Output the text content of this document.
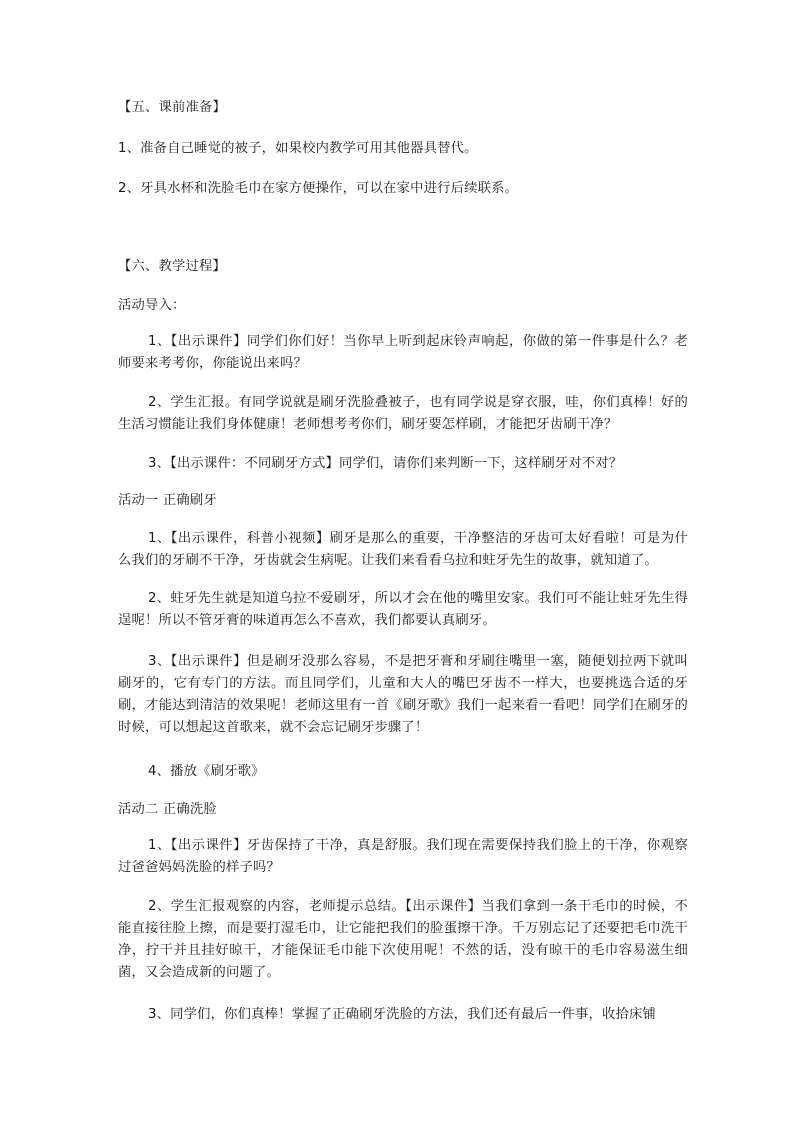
【五、课前准备】
1、准备自己睡觉的被子，如果校内教学可用其他器具替代。
2、牙具水杯和洗脸毛巾在家方便操作，可以在家中进行后续联系。
【六、教学过程】
活动导入：
1、【出示课件】同学们你们好！当你早上听到起床铃声响起，你做的第一件事是什么？老师要来考考你，你能说出来吗？
2、学生汇报。有同学说就是刷牙洗脸叠被子，也有同学说是穿衣服，哇，你们真棒！好的生活习惯能让我们身体健康！老师想考考你们，刷牙要怎样刷，才能把牙齿刷干净？
3、【出示课件：不同刷牙方式】同学们，请你们来判断一下，这样刷牙对不对？
活动一 正确刷牙
1、【出示课件，科普小视频】刷牙是那么的重要，干净整洁的牙齿可太好看啦！可是为什么我们的牙刷不干净，牙齿就会生病呢。让我们来看看乌拉和蛀牙先生的故事，就知道了。
2、蛀牙先生就是知道乌拉不爱刷牙，所以才会在他的嘴里安家。我们可不能让蛀牙先生得逞呢！所以不管牙膏的味道再怎么不喜欢，我们都要认真刷牙。
3、【出示课件】但是刷牙没那么容易，不是把牙膏和牙刷往嘴里一塞，随便划拉两下就叫刷牙的，它有专门的方法。而且同学们，儿童和大人的嘴巴牙齿不一样大，也要挑选合适的牙刷，才能达到清洁的效果呢！老师这里有一首《刷牙歌》我们一起来看一看吧！同学们在刷牙的时候，可以想起这首歌来，就不会忘记刷牙步骤了！
4、播放《刷牙歌》
活动二 正确洗脸
1、【出示课件】牙齿保持了干净，真是舒服。我们现在需要保持我们脸上的干净，你观察过爸爸妈妈洗脸的样子吗？
2、学生汇报观察的内容，老师提示总结。【出示课件】当我们拿到一条干毛巾的时候，不能直接往脸上擦，而是要打湿毛巾，让它能把我们的脸蛋擦干净。千万别忘记了还要把毛巾洗干净，拧干并且挂好晾干，才能保证毛巾能下次使用呢！不然的话，没有晾干的毛巾容易滋生细菌，又会造成新的问题了。
3、同学们，你们真棒！掌握了正确刷牙洗脸的方法，我们还有最后一件事，收拾床铺
